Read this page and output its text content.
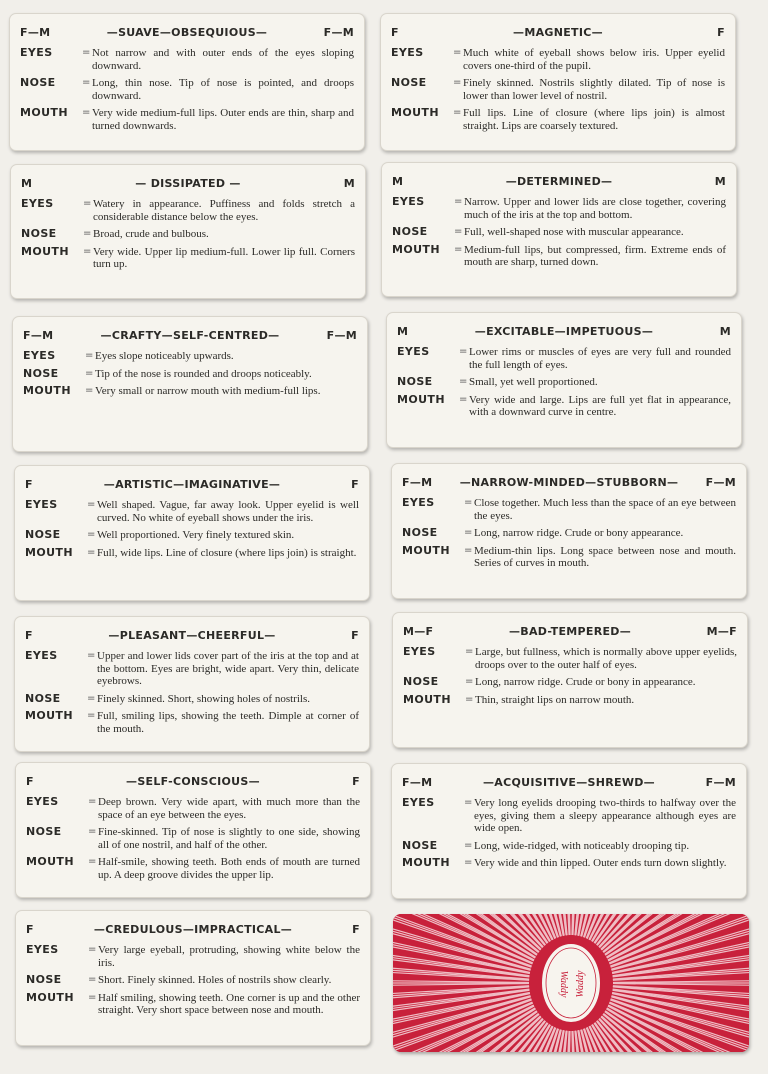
F—M	—SUAVE—OBSEQUIOUS—	F—M
EYES	= Not narrow and with outer ends of the eyes sloping downward.
NOSE	= Long, thin nose. Tip of nose is pointed, and droops downward.
MOUTH	= Very wide medium-full lips. Outer ends are thin, sharp and turned downwards.
F	—MAGNETIC—	F
EYES	= Much white of eyeball shows below iris. Upper eyelid covers one-third of the pupil.
NOSE	= Finely skinned. Nostrils slightly dilated. Tip of nose is lower than lower level of nostril.
MOUTH	= Full lips. Line of closure (where lips join) is almost straight. Lips are coarsely textured.
M	— DISSIPATED —	M
EYES	= Watery in appearance. Puffiness and folds stretch a considerable distance below the eyes.
NOSE	= Broad, crude and bulbous.
MOUTH	= Very wide. Upper lip medium-full. Lower lip full. Corners turn up.
M	—DETERMINED—	M
EYES	= Narrow. Upper and lower lids are close together, covering much of the iris at the top and bottom.
NOSE	= Full, well-shaped nose with muscular appearance.
MOUTH	= Medium-full lips, but compressed, firm. Extreme ends of mouth are sharp, turned down.
F—M	—CRAFTY—SELF-CENTRED—	F—M
EYES	= Eyes slope noticeably upwards.
NOSE	= Tip of the nose is rounded and droops noticeably.
MOUTH	= Very small or narrow mouth with medium-full lips.
M	—EXCITABLE—IMPETUOUS—	M
EYES	= Lower rims or muscles of eyes are very full and rounded the full length of eyes.
NOSE	= Small, yet well proportioned.
MOUTH	= Very wide and large. Lips are full yet flat in appearance, with a downward curve in centre.
F	—ARTISTIC—IMAGINATIVE—	F
EYES	= Well shaped. Vague, far away look. Upper eyelid is well curved. No white of eyeball shows under the iris.
NOSE	= Well proportioned. Very finely textured skin.
MOUTH	= Full, wide lips. Line of closure (where lips join) is straight.
F—M	—NARROW-MINDED—STUBBORN—	F—M
EYES	= Close together. Much less than the space of an eye between the eyes.
NOSE	= Long, narrow ridge. Crude or bony appearance.
MOUTH	= Medium-thin lips. Long space between nose and mouth. Series of curves in mouth.
F	—PLEASANT—CHEERFUL—	F
EYES	= Upper and lower lids cover part of the iris at the top and at the bottom. Eyes are bright, wide apart. Very thin, delicate eyebrows.
NOSE	= Finely skinned. Short, showing holes of nostrils.
MOUTH	= Full, smiling lips, showing the teeth. Dimple at corner of the mouth.
M—F	—BAD-TEMPERED—	M—F
EYES	= Large, but fullness, which is normally above upper eyelids, droops over to the outer half of eyes.
NOSE	= Long, narrow ridge. Crude or bony in appearance.
MOUTH	= Thin, straight lips on narrow mouth.
F	—SELF-CONSCIOUS—	F
EYES	= Deep brown. Very wide apart, with much more than the space of an eye between the eyes.
NOSE	= Fine-skinned. Tip of nose is slightly to one side, showing all of one nostril, and half of the other.
MOUTH	= Half-smile, showing teeth. Both ends of mouth are turned up. A deep groove divides the upper lip.
F—M	—ACQUISITIVE—SHREWD—	F—M
EYES	= Very long eyelids drooping two-thirds to halfway over the eyes, giving them a sleepy appearance although eyes are wide open.
NOSE	= Long, wide-ridged, with noticeably drooping tip.
MOUTH	= Very wide and thin lipped. Outer ends turn down slightly.
F	—CREDULOUS—IMPRACTICAL—	F
EYES	= Very large eyeball, protruding, showing white below the iris.
NOSE	= Short. Finely skinned. Holes of nostrils show clearly.
MOUTH	= Half smiling, showing teeth. One corner is up and the other straight. Very short space between nose and mouth.
Waddy Waddy
